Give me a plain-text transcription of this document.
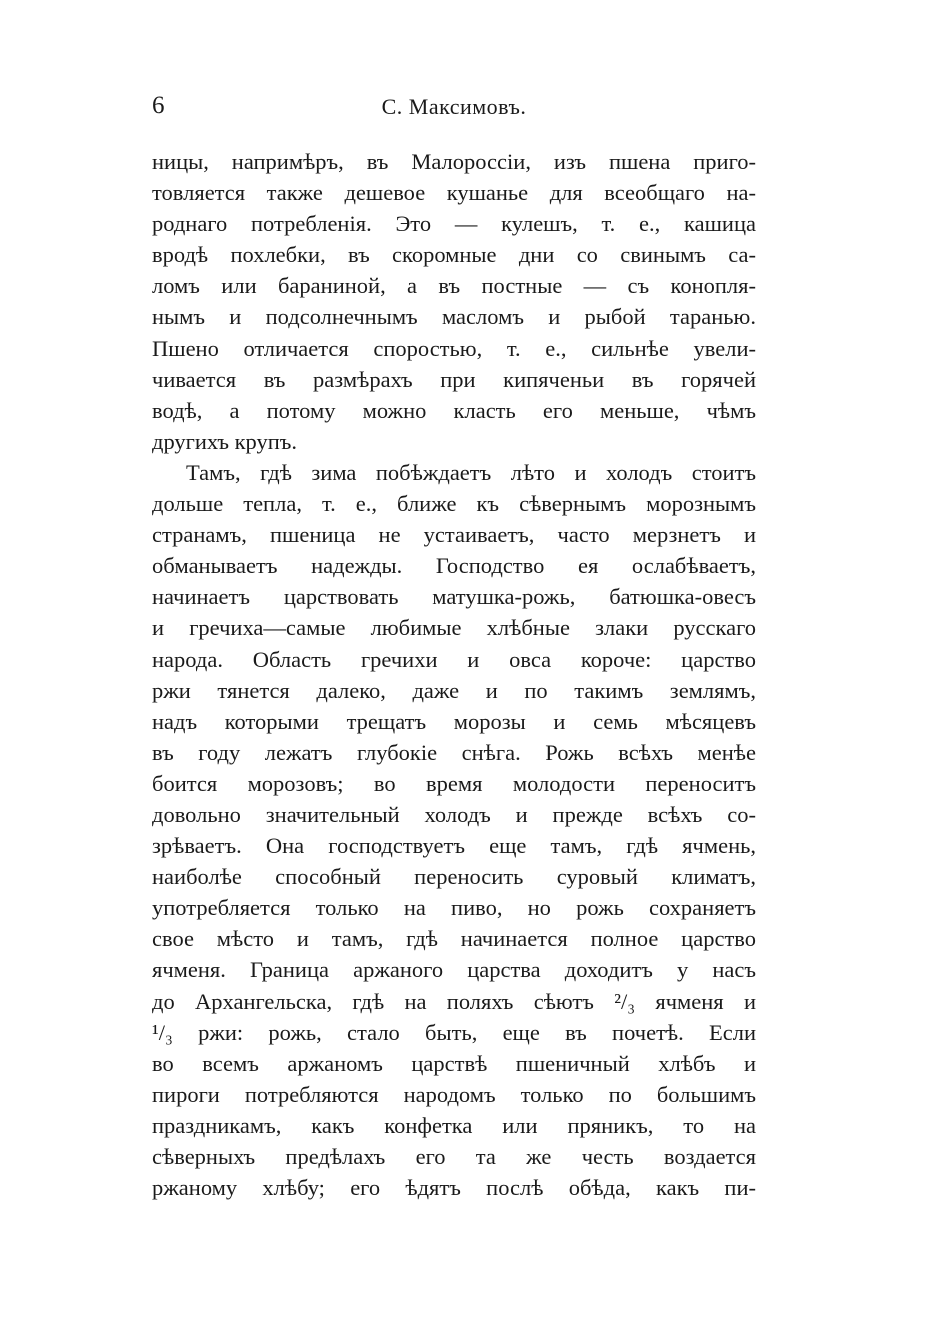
6	С. Максимовъ.
ницы, напримѣръ, въ Малороссіи, изъ пшена приго-
товляется также дешевое кушанье для всеобщаго на-
роднаго потребленія. Это — кулешъ, т. е., кашица
вродѣ похлебки, въ скоромные дни со свинымъ са-
ломъ или бараниной, а въ постные — съ конопля-
нымъ и подсолнечнымъ масломъ и рыбой таранью.
Пшено отличается споростью, т. е., сильнѣе увели-
чивается въ размѣрахъ при кипяченьи въ горячей
водѣ, а потому можно класть его меньше, чѣмъ
другихъ крупъ.
Тамъ, гдѣ зима побѣждаетъ лѣто и холодъ стоитъ
дольше тепла, т. е., ближе къ сѣвернымъ морознымъ
странамъ, пшеница не устаиваетъ, часто мерзнетъ и
обманываетъ надежды. Господство ея ослабѣваетъ,
начинаетъ царствовать матушка-рожь, батюшка-овесъ
и гречиха—самые любимые хлѣбные злаки русскаго
народа. Область гречихи и овса короче: царство
ржи тянется далеко, даже и по такимъ землямъ,
надъ которыми трещатъ морозы и семь мѣсяцевъ
въ году лежатъ глубокіе снѣга. Рожь всѣхъ менѣе
боится морозовъ; во время молодости переноситъ
довольно значительный холодъ и прежде всѣхъ со-
зрѣваетъ. Она господствуетъ еще тамъ, гдѣ ячмень,
наиболѣе способный переносить суровый климатъ,
употребляется только на пиво, но рожь сохраняетъ
свое мѣсто и тамъ, гдѣ начинается полное царство
ячменя. Граница аржаного царства доходитъ у насъ
до Архангельска, гдѣ на поляхъ сѣютъ ²/₃ ячменя и
¹/₃ ржи: рожь, стало быть, еще въ почетѣ. Если
во всемъ аржаномъ царствѣ пшеничный хлѣбъ и
пироги потребляются народомъ только по большимъ
праздникамъ, какъ конфетка или пряникъ, то на
сѣверныхъ предѣлахъ его та же честь воздается
ржаному хлѣбу; его ѣдятъ послѣ обѣда, какъ пи-
